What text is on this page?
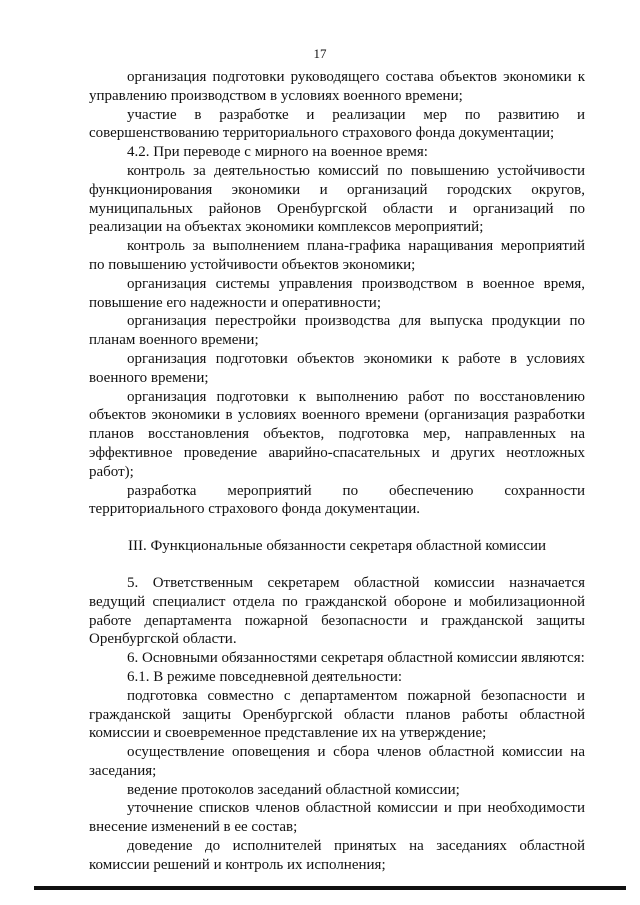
17

организация подготовки руководящего состава объектов экономики к управлению производством в условиях военного времени;

участие в разработке и реализации мер по развитию и совершенствованию территориального страхового фонда документации;

4.2. При переводе с мирного на военное время:

контроль за деятельностью комиссий по повышению устойчивости функционирования экономики и организаций городских округов, муниципальных районов Оренбургской области и организаций по реализации на объектах экономики комплексов мероприятий;

контроль за выполнением плана-графика наращивания мероприятий по повышению устойчивости объектов экономики;

организация системы управления производством в военное время, повышение его надежности и оперативности;

организация перестройки производства для выпуска продукции по планам военного времени;

организация подготовки объектов экономики к работе в условиях военного времени;

организация подготовки к выполнению работ по восстановлению объектов экономики в условиях военного времени (организация разработки планов восстановления объектов, подготовка мер, направленных на эффективное проведение аварийно-спасательных и других неотложных работ);

разработка мероприятий по обеспечению сохранности территориального страхового фонда документации.

III. Функциональные обязанности секретаря областной комиссии

5. Ответственным секретарем областной комиссии назначается ведущий специалист отдела по гражданской обороне и мобилизационной работе департамента пожарной безопасности и гражданской защиты Оренбургской области.

6. Основными обязанностями секретаря областной комиссии являются:

6.1. В режиме повседневной деятельности:

подготовка совместно с департаментом пожарной безопасности и гражданской защиты Оренбургской области планов работы областной комиссии и своевременное представление их на утверждение;

осуществление оповещения и сбора членов областной комиссии на заседания;

ведение протоколов заседаний областной комиссии;

уточнение списков членов областной комиссии и при необходимости внесение изменений в ее состав;

доведение до исполнителей принятых на заседаниях областной комиссии решений и контроль их исполнения;
